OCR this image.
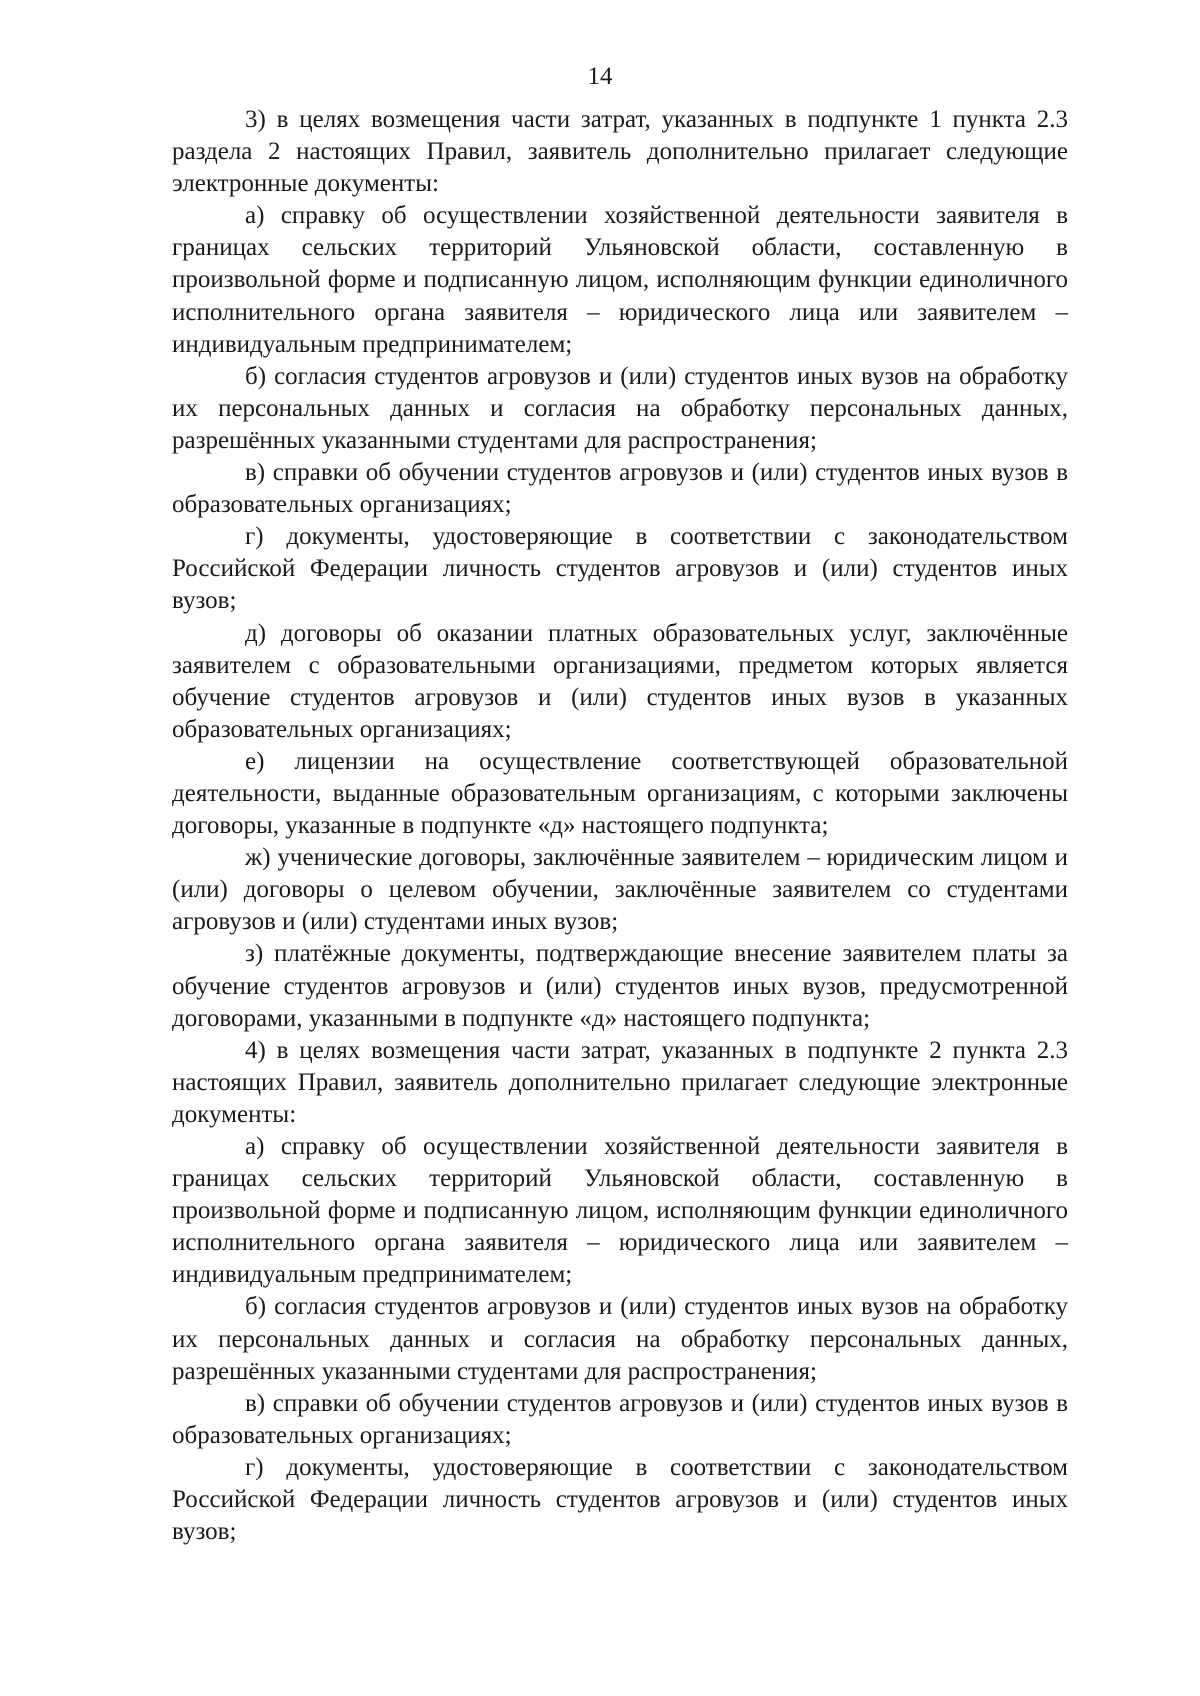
14

3) в целях возмещения части затрат, указанных в подпункте 1 пункта 2.3 раздела 2 настоящих Правил, заявитель дополнительно прилагает следующие электронные документы:

а) справку об осуществлении хозяйственной деятельности заявителя в границах сельских территорий Ульяновской области, составленную в произвольной форме и подписанную лицом, исполняющим функции единоличного исполнительного органа заявителя – юридического лица или заявителем – индивидуальным предпринимателем;

б) согласия студентов агровузов и (или) студентов иных вузов на обработку их персональных данных и согласия на обработку персональных данных, разрешённых указанными студентами для распространения;

в) справки об обучении студентов агровузов и (или) студентов иных вузов в образовательных организациях;

г) документы, удостоверяющие в соответствии с законодательством Российской Федерации личность студентов агровузов и (или) студентов иных вузов;

д) договоры об оказании платных образовательных услуг, заключённые заявителем с образовательными организациями, предметом которых является обучение студентов агровузов и (или) студентов иных вузов в указанных образовательных организациях;

е) лицензии на осуществление соответствующей образовательной деятельности, выданные образовательным организациям, с которыми заключены договоры, указанные в подпункте «д» настоящего подпункта;

ж) ученические договоры, заключённые заявителем – юридическим лицом и (или) договоры о целевом обучении, заключённые заявителем со студентами агровузов и (или) студентами иных вузов;

з) платёжные документы, подтверждающие внесение заявителем платы за обучение студентов агровузов и (или) студентов иных вузов, предусмотренной договорами, указанными в подпункте «д» настоящего подпункта;

4) в целях возмещения части затрат, указанных в подпункте 2 пункта 2.3 настоящих Правил, заявитель дополнительно прилагает следующие электронные документы:

а) справку об осуществлении хозяйственной деятельности заявителя в границах сельских территорий Ульяновской области, составленную в произвольной форме и подписанную лицом, исполняющим функции единоличного исполнительного органа заявителя – юридического лица или заявителем – индивидуальным предпринимателем;

б) согласия студентов агровузов и (или) студентов иных вузов на обработку их персональных данных и согласия на обработку персональных данных, разрешённых указанными студентами для распространения;

в) справки об обучении студентов агровузов и (или) студентов иных вузов в образовательных организациях;

г) документы, удостоверяющие в соответствии с законодательством Российской Федерации личность студентов агровузов и (или) студентов иных вузов;
